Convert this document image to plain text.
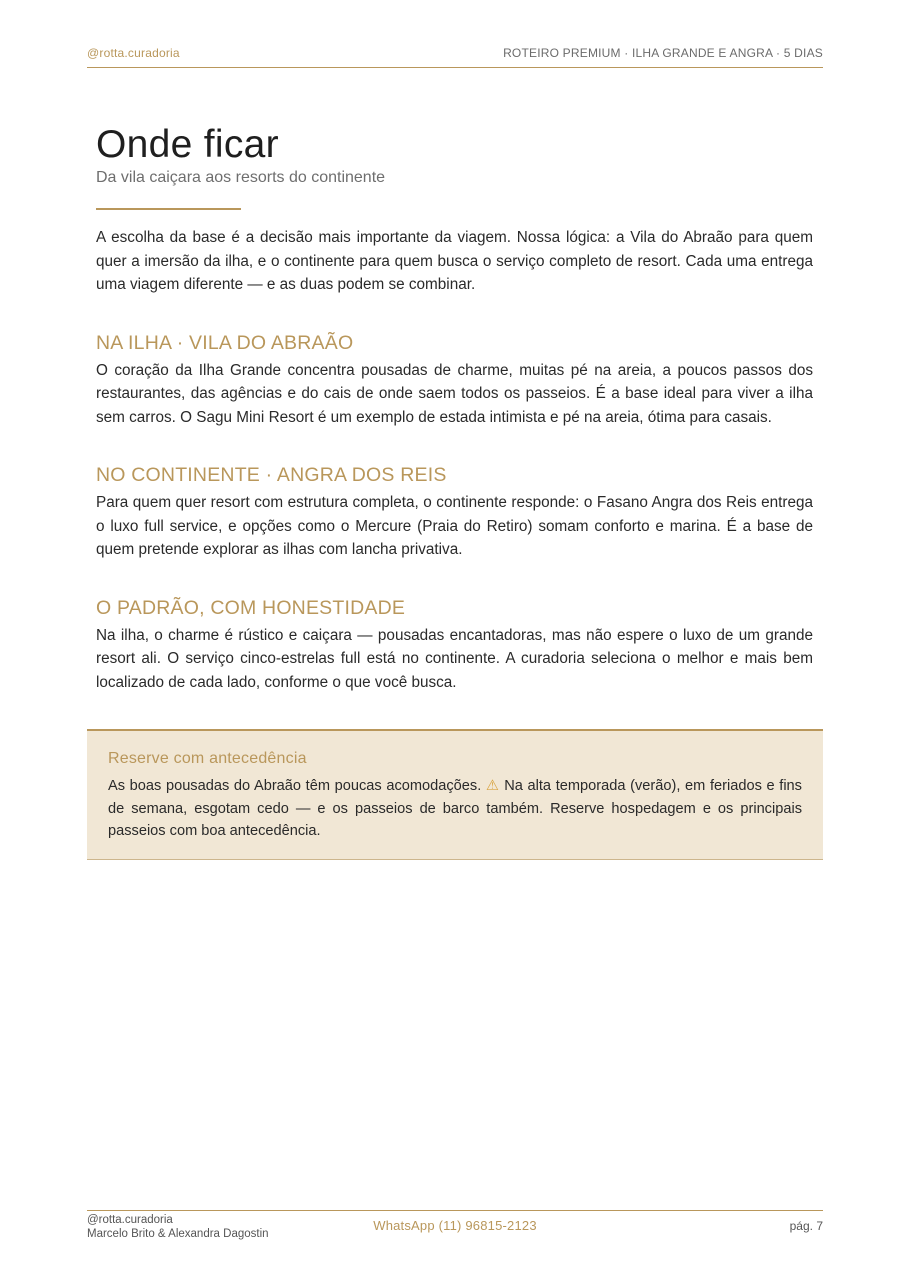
@rotta.curadoria	ROTEIRO PREMIUM · ILHA GRANDE E ANGRA · 5 DIAS
Onde ficar
Da vila caiçara aos resorts do continente

A escolha da base é a decisão mais importante da viagem. Nossa lógica: a Vila do Abraão para quem quer a imersão da ilha, e o continente para quem busca o serviço completo de resort. Cada uma entrega uma viagem diferente — e as duas podem se combinar.

NA ILHA · VILA DO ABRAÃO

O coração da Ilha Grande concentra pousadas de charme, muitas pé na areia, a poucos passos dos restaurantes, das agências e do cais de onde saem todos os passeios. É a base ideal para viver a ilha sem carros. O Sagu Mini Resort é um exemplo de estada intimista e pé na areia, ótima para casais.

NO CONTINENTE · ANGRA DOS REIS

Para quem quer resort com estrutura completa, o continente responde: o Fasano Angra dos Reis entrega o luxo full service, e opções como o Mercure (Praia do Retiro) somam conforto e marina. É a base de quem pretende explorar as ilhas com lancha privativa.

O PADRÃO, COM HONESTIDADE

Na ilha, o charme é rústico e caiçara — pousadas encantadoras, mas não espere o luxo de um grande resort ali. O serviço cinco-estrelas full está no continente. A curadoria seleciona o melhor e mais bem localizado de cada lado, conforme o que você busca.

Reserve com antecedência
As boas pousadas do Abraão têm poucas acomodações. ⚠ Na alta temporada (verão), em feriados e fins de semana, esgotam cedo — e os passeios de barco também. Reserve hospedagem e os principais passeios com boa antecedência.
@rotta.curadoria
Marcelo Brito & Alexandra Dagostin
WhatsApp (11) 96815-2123	pág. 7
